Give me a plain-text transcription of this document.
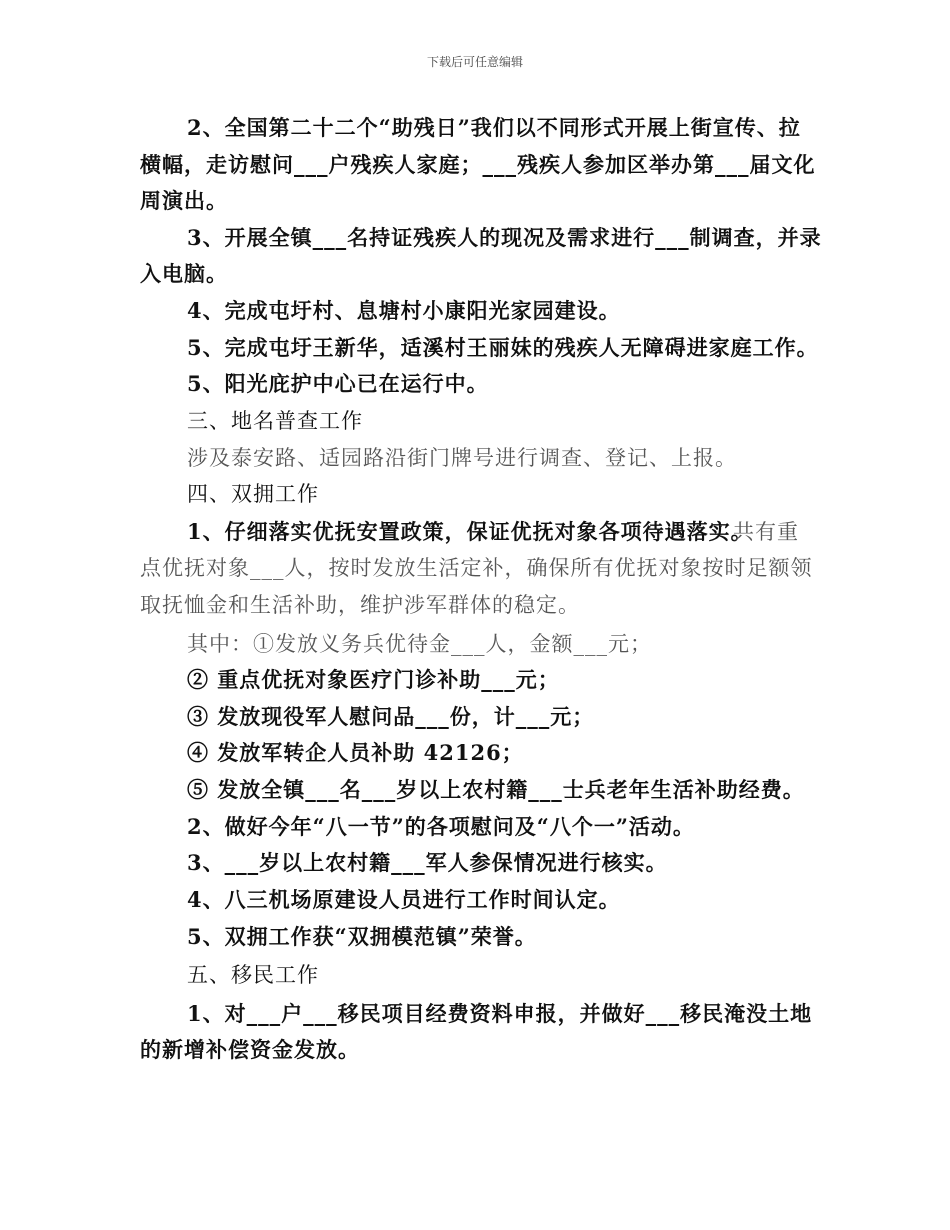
下载后可任意编辑
2、全国第二十二个“助残日”我们以不同形式开展上街宣传、拉
横幅，走访慰问___户残疾人家庭；___残疾人参加区举办第___届文化
周演出。
3、开展全镇___名持证残疾人的现况及需求进行___制调查，并录
入电脑。
4、完成屯圩村、息塘村小康阳光家园建设。
5、完成屯圩王新华，适溪村王丽妹的残疾人无障碍进家庭工作。
5、阳光庇护中心已在运行中。
三、地名普查工作
涉及泰安路、适园路沿街门牌号进行调查、登记、上报。
四、双拥工作
1、仔细落实优抚安置政策，保证优抚对象各项待遇落实。
共有重
点优抚对象___人，按时发放生活定补，确保所有优抚对象按时足额领
取抚恤金和生活补助，维护涉军群体的稳定。
其中：①发放义务兵优待金___人，金额___元；
② 重点优抚对象医疗门诊补助___元；
③ 发放现役军人慰问品___份，计___元；
④ 发放军转企人员补助 42126；
⑤ 发放全镇___名___岁以上农村籍___士兵老年生活补助经费。
2、做好今年“八一节”的各项慰问及“八个一”活动。
3、___岁以上农村籍___军人参保情况进行核实。
4、八三机场原建设人员进行工作时间认定。
5、双拥工作获“双拥模范镇”荣誉。
五、移民工作
1、对___户___移民项目经费资料申报，并做好___移民淹没土地
的新增补偿资金发放。
